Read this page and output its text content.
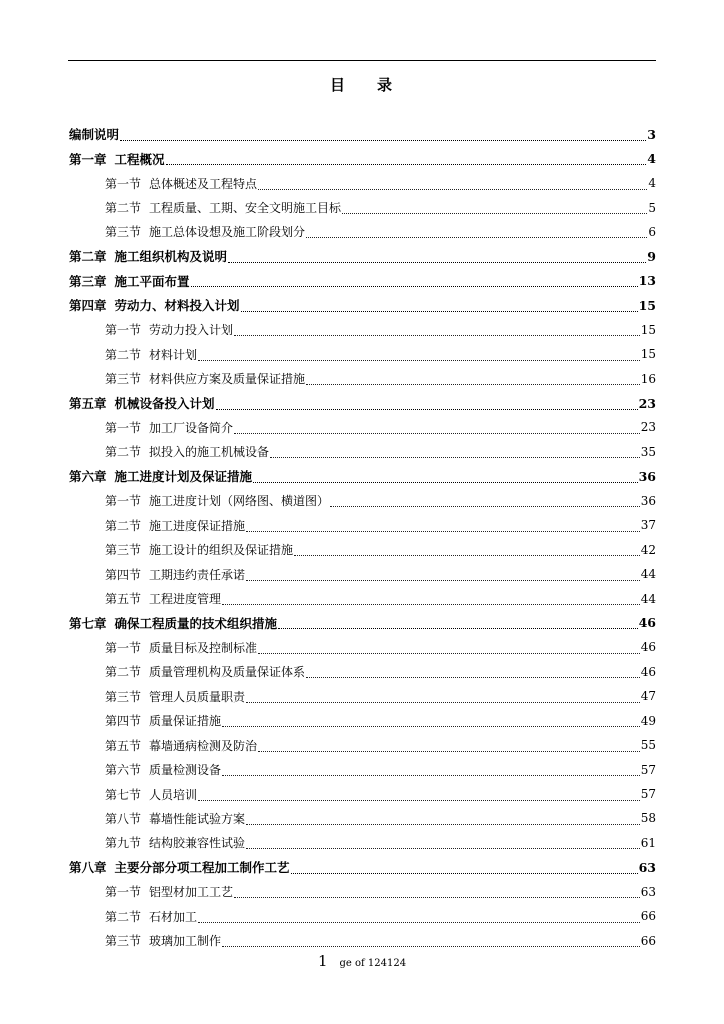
目 录
编制说明	3
第一章 工程概况	4
第一节 总体概述及工程特点	4
第二节 工程质量、工期、安全文明施工目标	5
第三节 施工总体设想及施工阶段划分	6
第二章 施工组织机构及说明	9
第三章 施工平面布置	13
第四章 劳动力、材料投入计划	15
第一节 劳动力投入计划	15
第二节 材料计划	15
第三节 材料供应方案及质量保证措施	16
第五章 机械设备投入计划	23
第一节 加工厂设备简介	23
第二节 拟投入的施工机械设备	35
第六章 施工进度计划及保证措施	36
第一节 施工进度计划（网络图、横道图）	36
第二节 施工进度保证措施	37
第三节 施工设计的组织及保证措施	42
第四节 工期违约责任承诺	44
第五节 工程进度管理	44
第七章 确保工程质量的技术组织措施	46
第一节 质量目标及控制标准	46
第二节 质量管理机构及质量保证体系	46
第三节 管理人员质量职责	47
第四节 质量保证措施	49
第五节 幕墙通病检测及防治	55
第六节 质量检测设备	57
第七节 人员培训	57
第八节 幕墙性能试验方案	58
第九节 结构胶兼容性试验	61
第八章 主要分部分项工程加工制作工艺	63
第一节 铝型材加工工艺	63
第二节 石材加工	66
第三节 玻璃加工制作	66
1 ge of 124124
